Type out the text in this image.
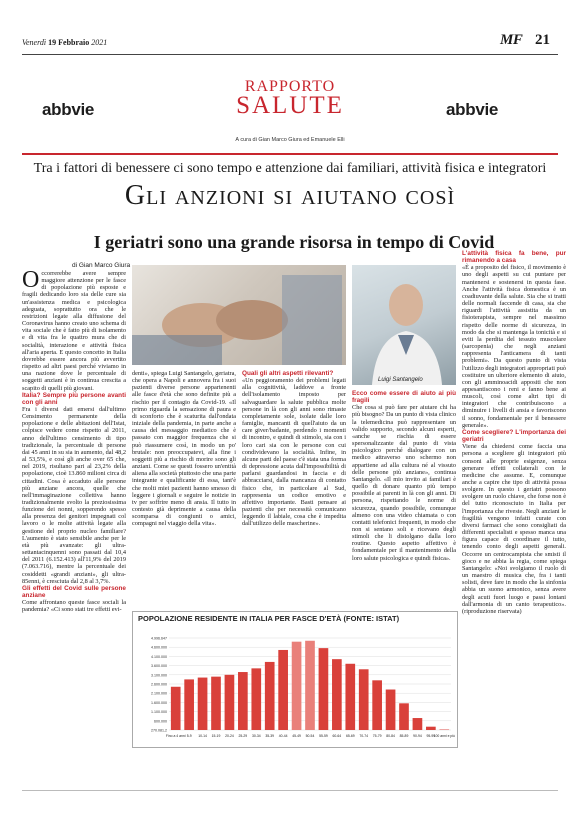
Venerdì 19 Febbraio 2021	MF 21
abbvie	abbvie
RAPPORTO
SALUTE
A cura di Gian Marco Giura ed Emanuele Elli
Tra i fattori di benessere ci sono tempo e attenzione dai familiari, attività fisica e integratori
Gli anzioni si aiutano così
I geriatri sono una grande risorsa in tempo di Covid
di Gian Marco Giura
Luigi Santangelo

Occorrerebbe avere sempre maggiore attenzione per le fasce di popolazione più esposte e fragili dedicando loro sia delle cure sia un'assistenza medica e psicologica adeguata, soprattutto ora che le restrizioni legate alla diffusione del Coronavirus hanno creato uno schema di vita sociale che è fatto più di isolamento e di vita fra le quattro mura che di socialità, interazione e attività fisica all'aria aperta. E questo concetto in Italia dovrebbe essere ancora più avvertito rispetto ad altri paesi perché viviamo in una nazione dove le percentuale di soggetti anziani è in continua crescita a scapito di quelli più giovani.

Italia? Sempre più persone avanti con gli anni

Fra i diversi dati emersi dall'ultimo Censimento permanente della popolazione e delle abitazioni dell'Istat, colpisce vedere come rispetto al 2011, anno dell'ultimo censimento di tipo tradizionale, la percentuale di persone dai 45 anni in su sia in aumento, dal 48,2 al 53,5%, e così gli anche over 65 che, nel 2019, risultano pari al 23,2% della popolazione, cioè 13.860 milioni circa di cittadini. Cosa è accaduto alle persone più anziane ancora, quelle che nell'immaginazione collettiva hanno tradizionalmente svolto la preziosissima funzione dei nonni, sopperendo spesso alla presenza dei genitori impegnati col lavoro o le molte attività legate alla gestione del proprio nucleo familiare? L'aumento è stato sensibile anche per le età più avanzate: gli ultra-settantacinquenni sono passati dal 10,4 del 2011 (6.152.413) all'11,9% del 2019 (7.063.716), mentre la percentuale dei cosiddetti «grandi anziani», gli ultra-85enni, è cresciuta dal 2,8 al 3,7%.

Gli effetti del Covid sulle persone anziane

Come affrontano queste fasce sociali la pandemia? «Ci sono stati tre effetti evi-

denti», spiega Luigi Santangelo, geriatra, che opera a Napoli e annovera fra i suoi pazienti diverse persone appartenenti alle fasce d'età che sono definite più a rischio per il contagio da Covid-19. «Il primo riguarda la sensazione di paura e di sconforto che è scaturita dall'ondata iniziale della pandemia, in parte anche a causa del messaggio mediatico che è passato con maggior frequenza che si può riassumere così, in modo un po' brutale: non preoccupatevi, alla fine i soggetti più a rischio di morire sono gli anziani. Come se questi fossero un'entità aliena alla società piuttosto che una parte integrante e qualificante di essa, tant'è che molti miei pazienti hanno smesso di leggere i giornali e seguire le notizie in tv per soffrire meno di ansia. Il tutto in contesto già deprimente a causa della scomparsa di congiunti o amici, compagni nel viaggio della vita».

Quali gli altri aspetti rilevanti?

«Un peggioramento dei problemi legati alla cognitività, laddove a fronte dell'isolamento imposto per salvaguardare la salute pubblica molte persone in là con gli anni sono rimaste completamente sole, isolate dalle loro famiglie, mancanti di quell'aiuto da un care giver/badante, perdendo i momenti di incontro, e quindi di stimolo, sia con i loro cari sia con le persone con cui condividevano la socialità. Infine, in alcune parti del paese c'è stata una forma di depressione acuta dall'impossibilità di parlarsi guardandosi in faccia e di abbracciarsi, dalla mancanza di contatto fisico che, in particolare al Sud, rappresenta un codice emotivo e affettivo importante. Basti pensare ai pazienti che per necessità comunicano leggendo il labiale, cosa che è impedita dall'utilizzo delle mascherine».

Ecco come essere di aiuto ai più fragili

Che cosa si può fare per aiutare chi ha più bisogno? Da un punto di vista clinico la telemedicina può rappresentare un valido supporto, secondo alcuni esperti, «anche se rischia di essere spersonalizzante dal punto di vista psicologico perché dialogare con un medico attraverso uno schermo non appartiene ad alla cultura né al vissuto delle persone più anziane», continua Santangelo. «Il mio invito ai familiari è quello di donare quanto più tempo possibile ai parenti in là con gli anni. Di persona, rispettando le norme di sicurezza, quando possibile, comunque almeno con una video chiamata o con contatti telefonici frequenti, in modo che non si sentano soli e ricevano degli stimoli che li distolgano dalla loro routine. Questo aspetto affettivo è fondamentale per il mantenimento della loro salute psicologica e quindi fisica».

L'attività fisica fa bene, pur rimanendo a casa

«È a proposito del fisico, il movimento è uno degli aspetti su cui puntare per mantenersi e sostenersi in questa fase. Anche l'attività fisica domestica è un coadiuvante della salute. Sia che si tratti delle normali faccende di casa, sia che riguardi l'attività assistita da un fisioterapista, sempre nel massimo rispetto delle norme di sicurezza, in modo da che si mantenga la tonicità e si eviti la perdita del tessuto muscolare (sarcopenia) che negli anziani rappresenta l'anticamera di tanti problemi». Da questo punto di vista l'utilizzo degli integratori appropriati può costituire un ulteriore elemento di aiuto, con gli amminoacidi appositi che non appesantiscono i reni e fanno bene ai muscoli, così come altri tipi di integratori che contribuiscono a diminuire i livelli di ansia e favoriscono il sonno, fondamentale per il benessere generale».

Come scegliere? L'importanza dei geriatri

Viene da chiedersi come faccia una persona a scegliere gli integratori più consoni alle proprie esigenze, senza generare effetti collaterali con le medicine che assume. E, comunque anche a capire che tipo di attività possa svolgere. In questo i geriatri possono svolgere un ruolo chiave, che forse non è del tutto riconosciuto in Italia per l'importanza che rivestе. Negli anziani le fragilità vengono infatti curate con diversi farmaci che sono consigliati da differenti specialisti e spesso manca una figura capace di coordinare il tutto, tenendo conto degli aspetti generali. Occorre un centrocampista che smisti il gioco e ne abbia la regia, come spiega Santangelo: «Noi svolgiamo il ruolo di un maestro di musica che, fra i tanti solisti, deve fare in modo che la sinfonia abbia un suono armonico, senza avere degli acuti fuori luogo e passi lontani dall'armonia di un canto terapeutico». (riproduzione riservata)

4.996.647
4.600.000
4.100.000
3.600.000
3.100.000
2.600.000
2.100.000
1.600.000
1.100.000
600.000
270.081,2
Fino a 4 anni 5-9 10-14 15-19 20-24 25-29 30-34 35-39 40-44 45-49 50-54 55-59 60-64 65-69 70-74 75-79 80-84 85-89 90-94 95-99
100 anni e più
POPOLAZIONE RESIDENTE IN ITALIA PER FASCE D'ETÀ (FONTE: ISTAT)
